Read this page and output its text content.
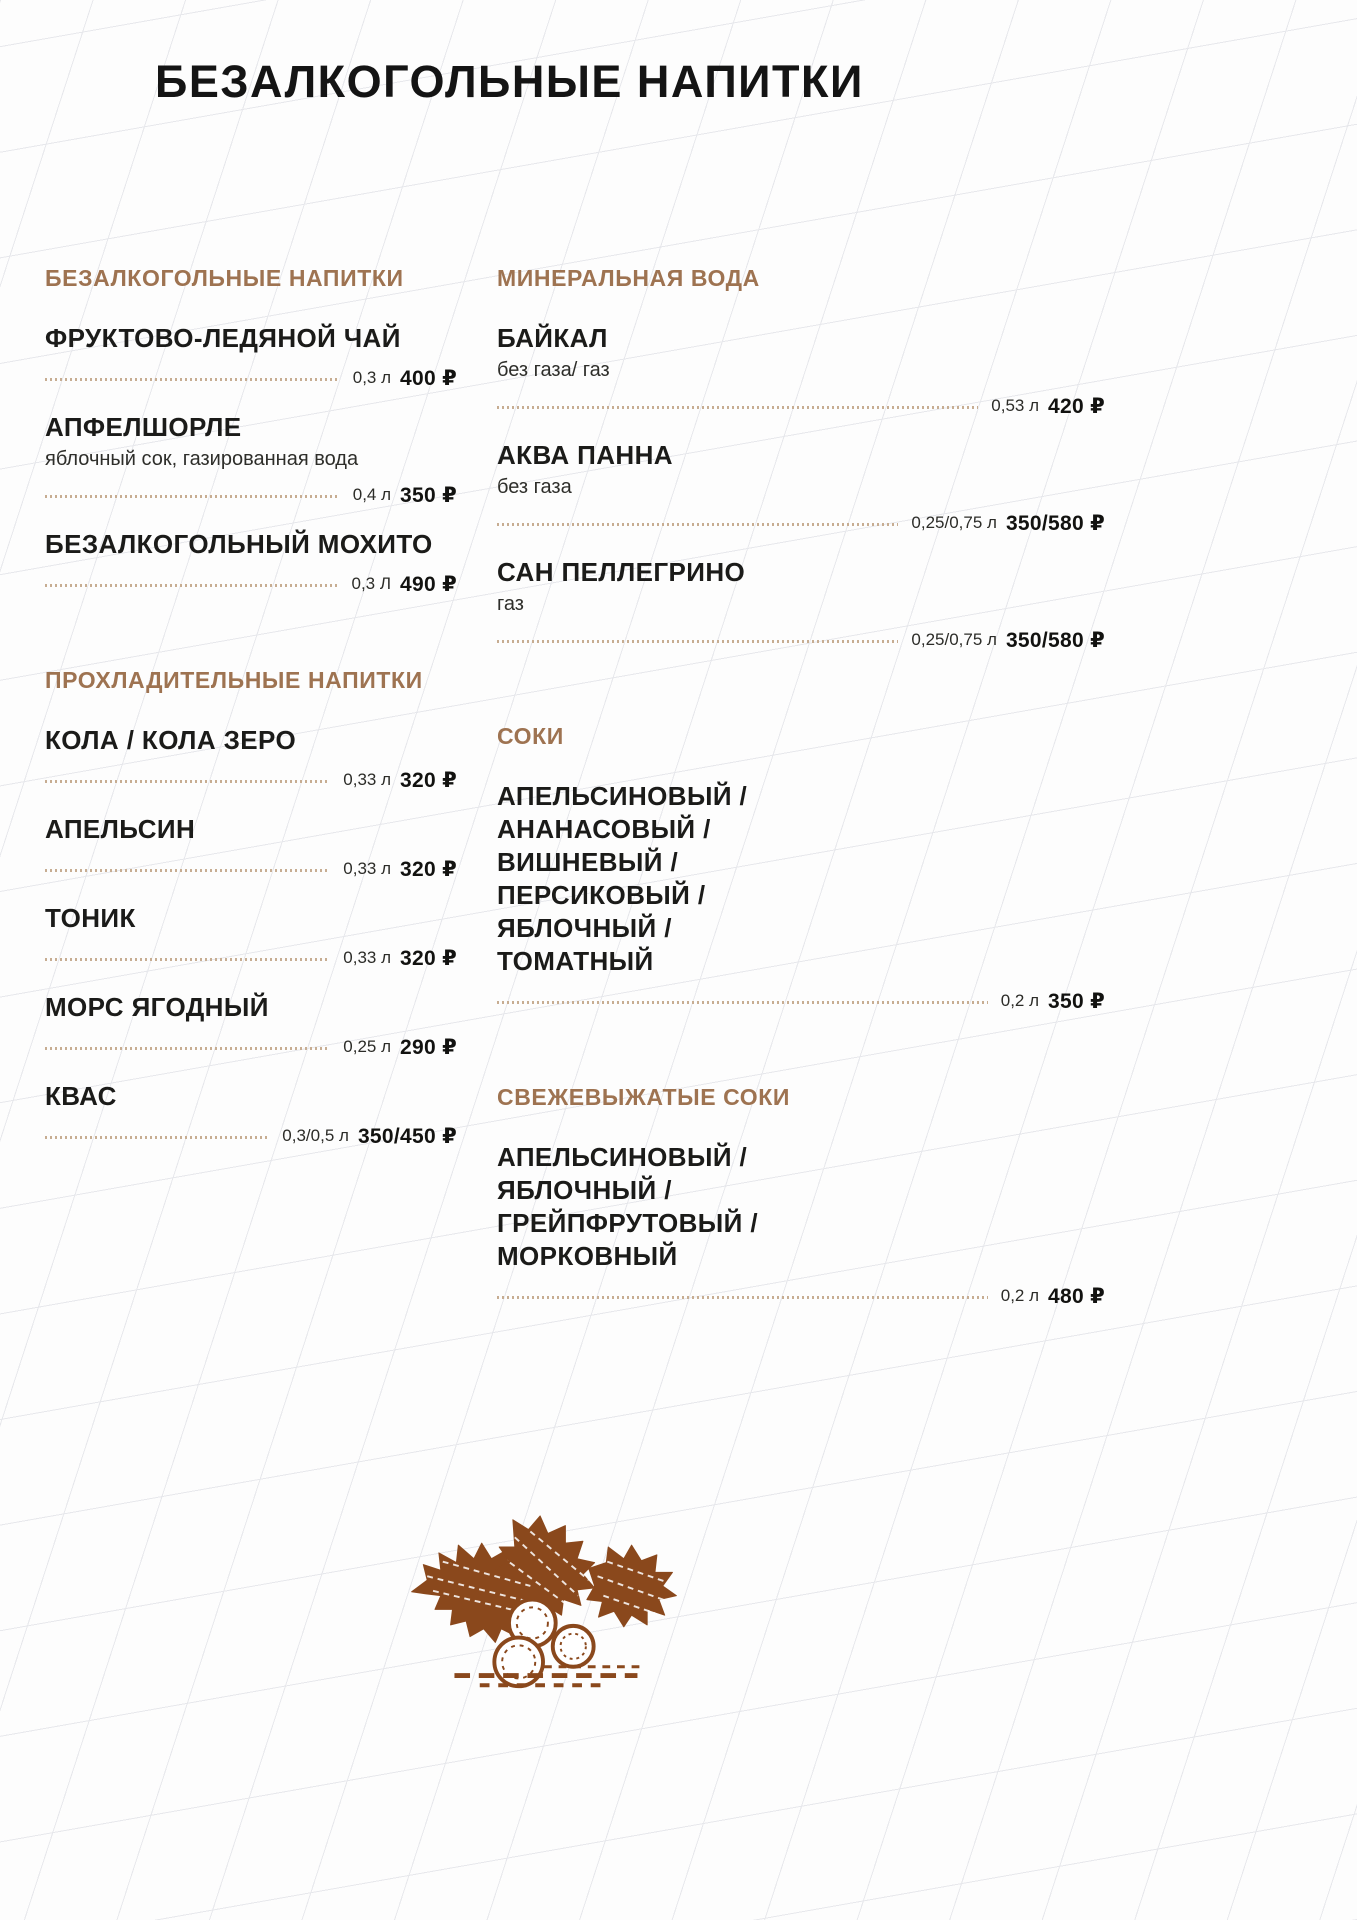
БЕЗАЛКОГОЛЬНЫЕ НАПИТКИ
БЕЗАЛКОГОЛЬНЫЕ НАПИТКИ
ФРУКТОВО-ЛЕДЯНОЙ ЧАЙ
0,3 л 400 ₽
АПФЕЛШОРЛЕ
яблочный сок, газированная вода
0,4 л 350 ₽
БЕЗАЛКОГОЛЬНЫЙ МОХИТО
0,3 Л 490 ₽
ПРОХЛАДИТЕЛЬНЫЕ НАПИТКИ
КОЛА / КОЛА ЗЕРО
0,33 л 320 ₽
АПЕЛЬСИН
0,33 л 320 ₽
ТОНИК
0,33 л 320 ₽
МОРС ЯГОДНЫЙ
0,25 л 290 ₽
КВАС
0,3/0,5 л 350/450 ₽
МИНЕРАЛЬНАЯ ВОДА
БАЙКАЛ
без газа/ газ
0,53 л 420 ₽
АКВА ПАННА
без газа
0,25/0,75 л 350/580 ₽
САН ПЕЛЛЕГРИНО
газ
0,25/0,75 л 350/580 ₽
СОКИ
АПЕЛЬСИНОВЫЙ /
АНАНАСОВЫЙ /
ВИШНЕВЫЙ /
ПЕРСИКОВЫЙ /
ЯБЛОЧНЫЙ /
ТОМАТНЫЙ
0,2 л 350 ₽
СВЕЖЕВЫЖАТЫЕ СОКИ
АПЕЛЬСИНОВЫЙ /
ЯБЛОЧНЫЙ /
ГРЕЙПФРУТОВЫЙ /
МОРКОВНЫЙ
0,2 л 480 ₽
